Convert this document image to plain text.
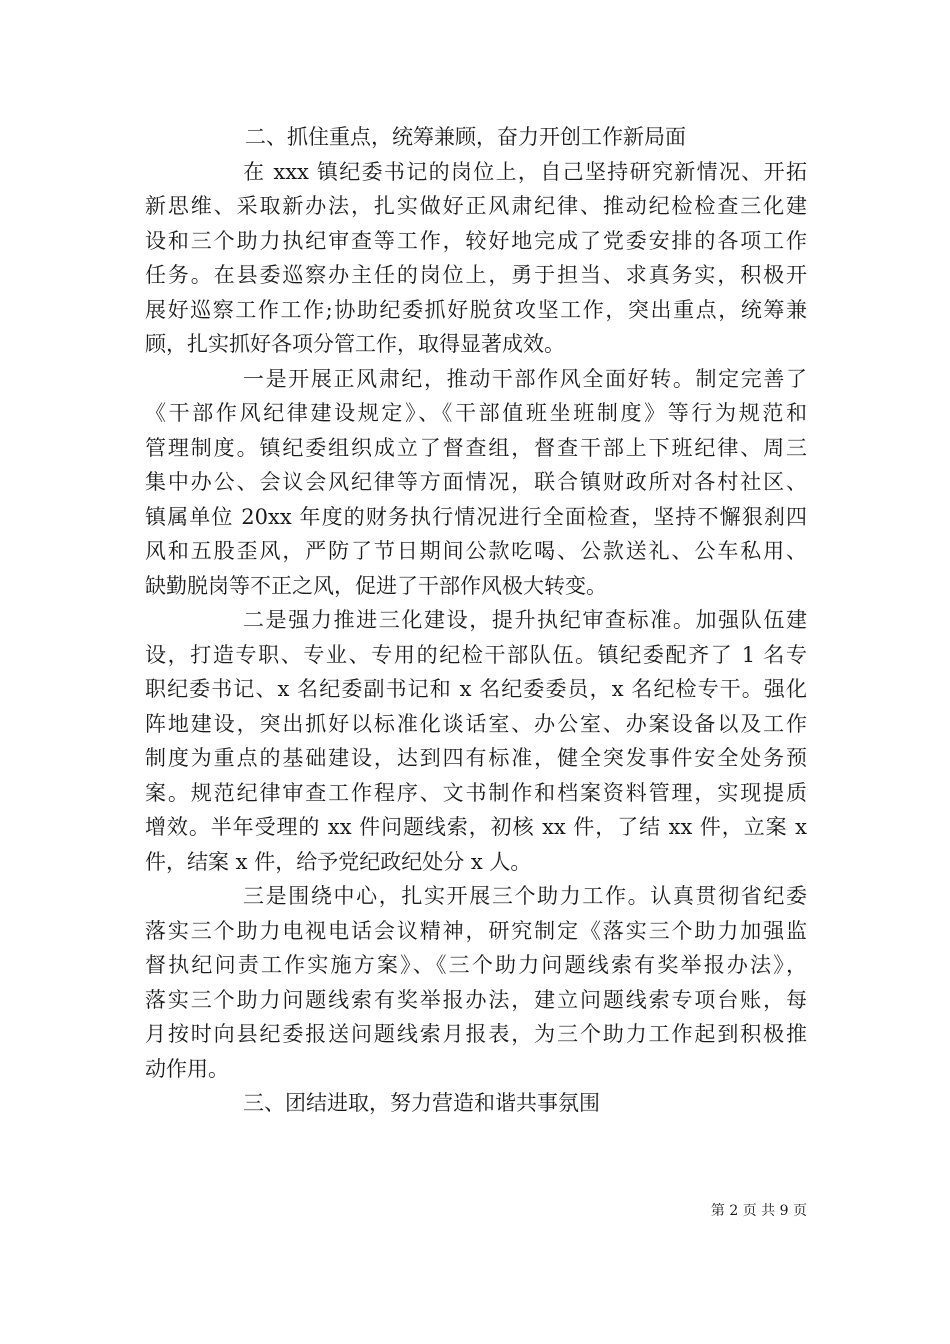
二、抓住重点，统筹兼顾，奋力开创工作新局面
在 xxx 镇纪委书记的岗位上，自己坚持研究新情况、开拓
新思维、采取新办法，扎实做好正风肃纪律、推动纪检检查三化建
设和三个助力执纪审查等工作，较好地完成了党委安排的各项工作
任务。在县委巡察办主任的岗位上，勇于担当、求真务实，积极开
展好巡察工作工作;协助纪委抓好脱贫攻坚工作，突出重点，统筹兼
顾，扎实抓好各项分管工作，取得显著成效。
一是开展正风肃纪，推动干部作风全面好转。制定完善了
《干部作风纪律建设规定》、《干部值班坐班制度》等行为规范和
管理制度。镇纪委组织成立了督查组，督查干部上下班纪律、周三
集中办公、会议会风纪律等方面情况，联合镇财政所对各村社区、
镇属单位 20xx 年度的财务执行情况进行全面检查，坚持不懈狠刹四
风和五股歪风，严防了节日期间公款吃喝、公款送礼、公车私用、
缺勤脱岗等不正之风，促进了干部作风极大转变。
二是强力推进三化建设，提升执纪审查标准。加强队伍建
设，打造专职、专业、专用的纪检干部队伍。镇纪委配齐了 1 名专
职纪委书记、x 名纪委副书记和 x 名纪委委员，x 名纪检专干。强化
阵地建设，突出抓好以标准化谈话室、办公室、办案设备以及工作
制度为重点的基础建设，达到四有标准，健全突发事件安全处务预
案。规范纪律审查工作程序、文书制作和档案资料管理，实现提质
增效。半年受理的 xx 件问题线索，初核 xx 件，了结 xx 件，立案 x
件，结案 x 件，给予党纪政纪处分 x 人。
三是围绕中心，扎实开展三个助力工作。认真贯彻省纪委
落实三个助力电视电话会议精神，研究制定《落实三个助力加强监
督执纪问责工作实施方案》、《三个助力问题线索有奖举报办法》，
落实三个助力问题线索有奖举报办法，建立问题线索专项台账，每
月按时向县纪委报送问题线索月报表，为三个助力工作起到积极推
动作用。
三、团结进取，努力营造和谐共事氛围
第 2 页 共 9 页
